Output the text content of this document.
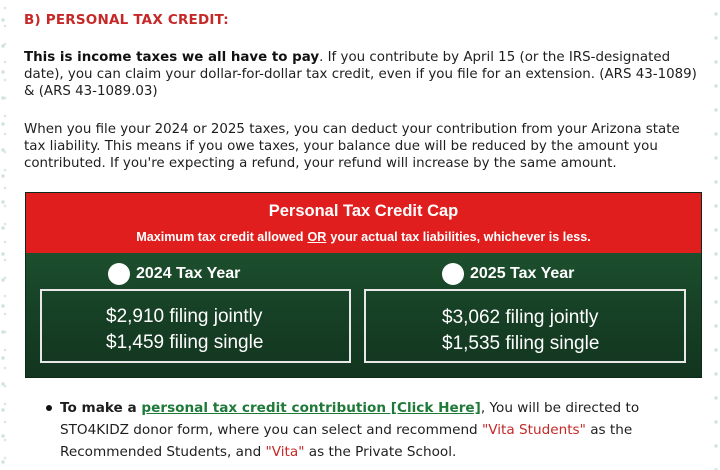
B) PERSONAL TAX CREDIT:
This is income taxes we all have to pay. If you contribute by April 15 (or the IRS-designated date), you can claim your dollar-for-dollar tax credit, even if you file for an extension. (ARS 43-1089) & (ARS 43-1089.03)
When you file your 2024 or 2025 taxes, you can deduct your contribution from your Arizona state tax liability. This means if you owe taxes, your balance due will be reduced by the amount you contributed. If you're expecting a refund, your refund will increase by the same amount.
Personal Tax Credit Cap
Maximum tax credit allowed OR your actual tax liabilities, whichever is less.
2024 Tax Year	2025 Tax Year
$2,910 filing jointly
$1,459 filing single
$3,062 filing jointly
$1,535 filing single
To make a personal tax credit contribution [Click Here], You will be directed to STO4KIDZ donor form, where you can select and recommend "Vita Students" as the Recommended Students, and "Vita" as the Private School.
